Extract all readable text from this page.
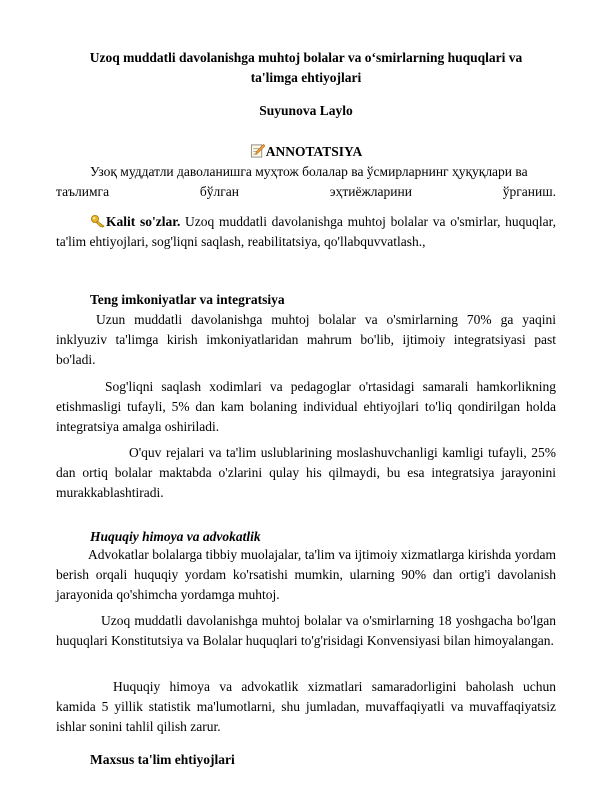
Uzoq muddatli davolanishga muhtoj bolalar va o‘smirlarning huquqlari va
ta'limga ehtiyojlari
Suyunova Laylo
ANNOTATSIYA
Узоқ муддатли даволанишга муҳтож болалар ва ўсмирларнинг ҳуқуқлари ва
таълимга бўлган эҳтиёжларини ўрганиш.
Kalit so'zlar. Uzoq muddatli davolanishga muhtoj bolalar va o'smirlar, huquqlar, ta'lim ehtiyojlari, sog'liqni saqlash, reabilitatsiya, qo'llabquvvatlash.,
Teng imkoniyatlar va integratsiya
Uzun muddatli davolanishga muhtoj bolalar va o'smirlarning 70% ga yaqini inklyuziv ta'limga kirish imkoniyatlaridan mahrum bo'lib, ijtimoiy integratsiyasi past bo'ladi.
Sog'liqni saqlash xodimlari va pedagoglar o'rtasidagi samarali hamkorlikning etishmasligi tufayli, 5% dan kam bolaning individual ehtiyojlari to'liq qondirilgan holda integratsiya amalga oshiriladi.
O'quv rejalari va ta'lim uslublarining moslashuvchanligi kamligi tufayli, 25% dan ortiq bolalar maktabda o'zlarini qulay his qilmaydi, bu esa integratsiya jarayonini murakkablashtiradi.
Huquqiy himoya va advokatlik
Advokatlar bolalarga tibbiy muolajalar, ta'lim va ijtimoiy xizmatlarga kirishda yordam berish orqali huquqiy yordam ko'rsatishi mumkin, ularning 90% dan ortig'i davolanish jarayonida qo'shimcha yordamga muhtoj.
Uzoq muddatli davolanishga muhtoj bolalar va o'smirlarning 18 yoshgacha bo'lgan huquqlari Konstitutsiya va Bolalar huquqlari to'g'risidagi Konvensiyasi bilan himoyalangan.
Huquqiy himoya va advokatlik xizmatlari samaradorligini baholash uchun kamida 5 yillik statistik ma'lumotlarni, shu jumladan, muvaffaqiyatli va muvaffaqiyatsiz ishlar sonini tahlil qilish zarur.
Maxsus ta'lim ehtiyojlari
